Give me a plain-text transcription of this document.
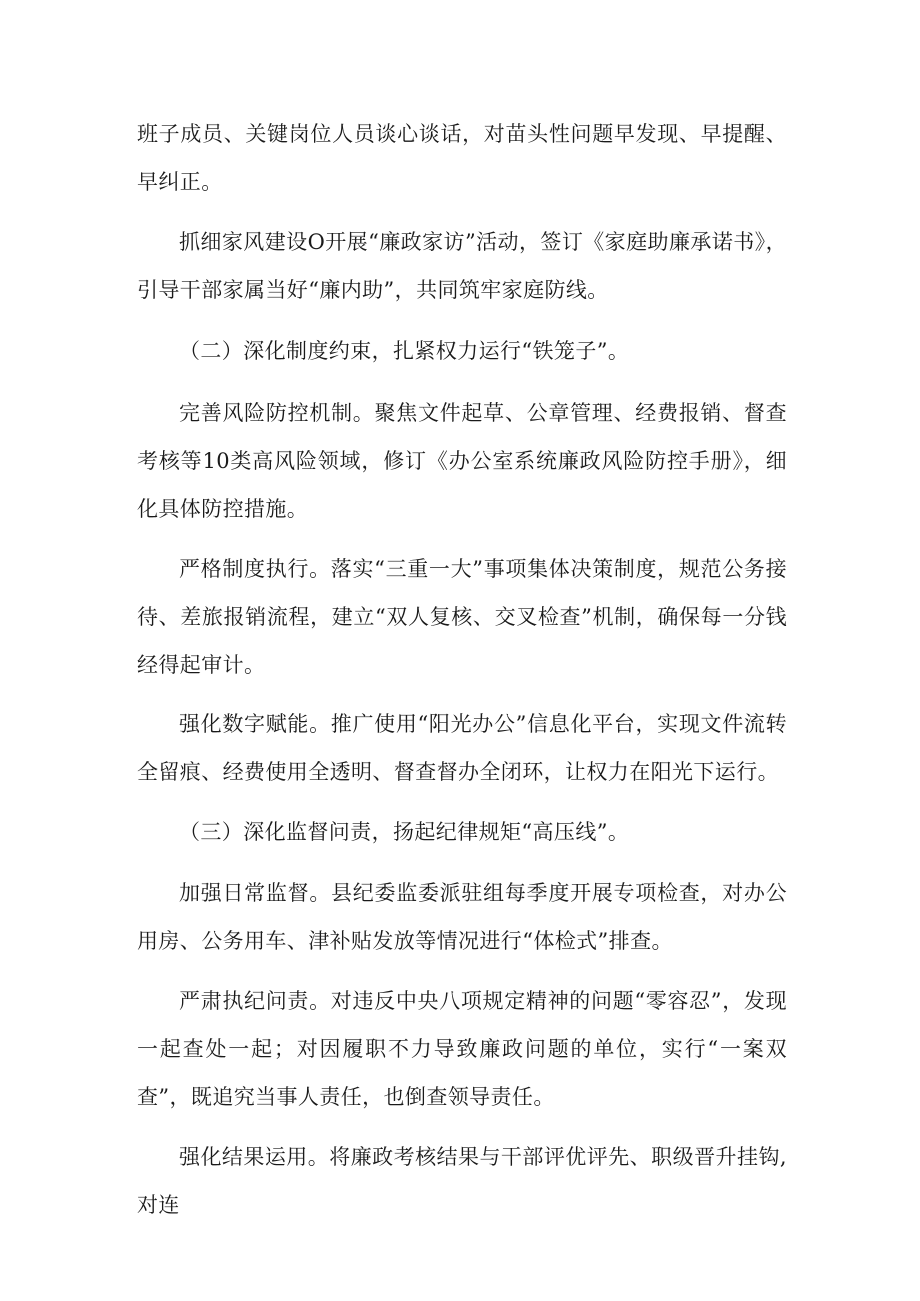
班子成员、关键岗位人员谈心谈话，对苗头性问题早发现、早提醒、早纠正。

抓细家风建设O开展“廉政家访”活动，签订《家庭助廉承诺书》，引导干部家属当好“廉内助”，共同筑牢家庭防线。

（二）深化制度约束，扎紧权力运行“铁笼子”。

完善风险防控机制。聚焦文件起草、公章管理、经费报销、督查考核等10类高风险领域，修订《办公室系统廉政风险防控手册》，细化具体防控措施。

严格制度执行。落实“三重一大”事项集体决策制度，规范公务接待、差旅报销流程，建立“双人复核、交叉检查”机制，确保每一分钱经得起审计。

强化数字赋能。推广使用“阳光办公”信息化平台，实现文件流转全留痕、经费使用全透明、督查督办全闭环，让权力在阳光下运行。

（三）深化监督问责，扬起纪律规矩“高压线”。

加强日常监督。县纪委监委派驻组每季度开展专项检查，对办公用房、公务用车、津补贴发放等情况进行“体检式”排查。

严肃执纪问责。对违反中央八项规定精神的问题“零容忍”，发现一起查处一起；对因履职不力导致廉政问题的单位，实行“一案双查”，既追究当事人责任，也倒查领导责任。

强化结果运用。将廉政考核结果与干部评优评先、职级晋升挂钩,对连
